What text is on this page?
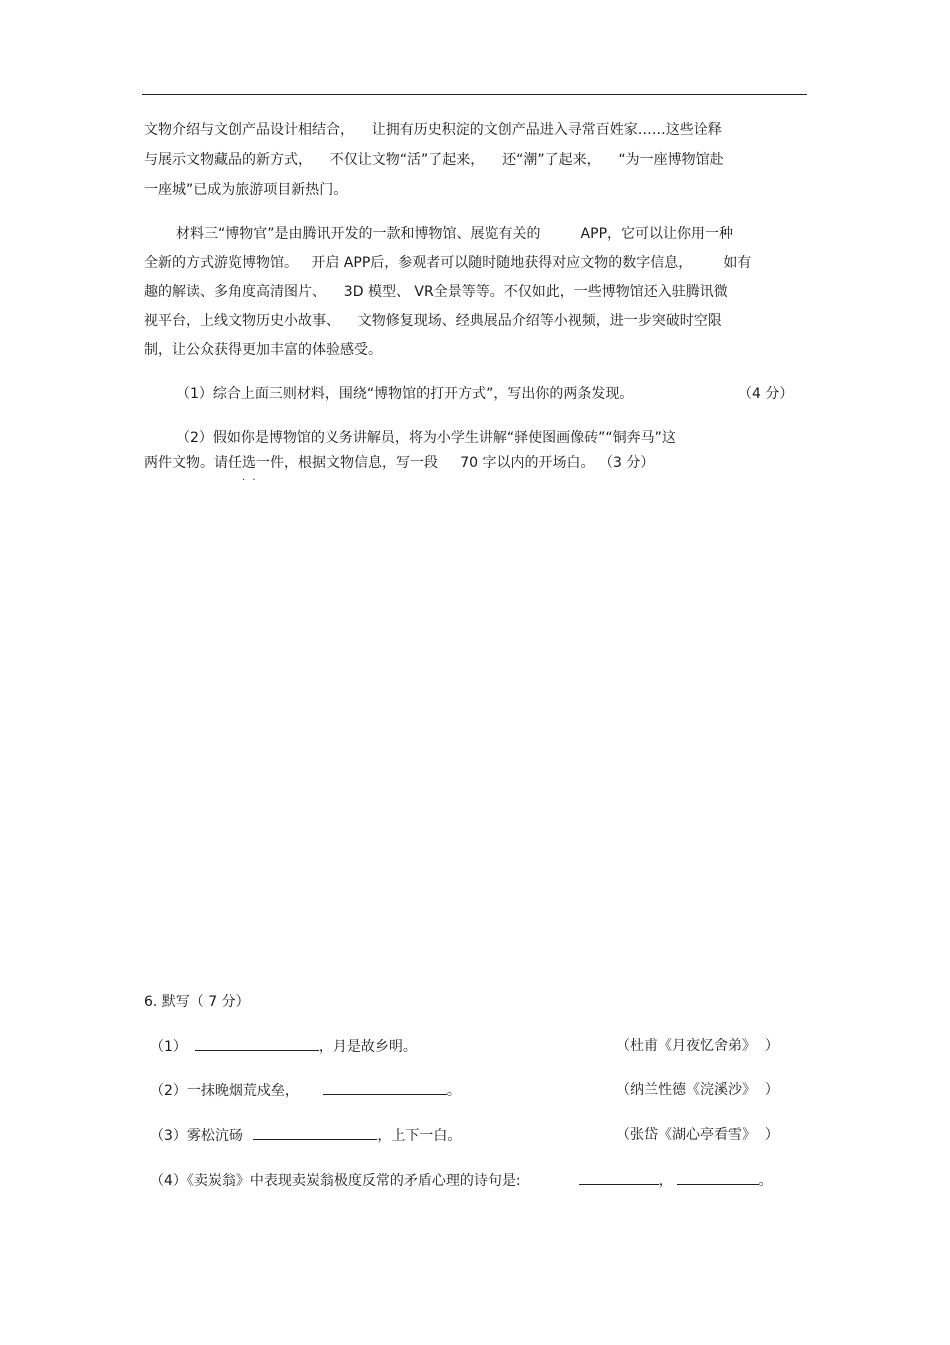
文物介绍与文创产品设计相结合，    让拥有历史积淀的文创产品进入寻常百姓家……这些诠释
与展示文物藏品的新方式，    不仅让文物“活”了起来，    还“潮”了起来，    “为一座博物馆赴
一座城”已成为旅游项目新热门。
材料三“博物官”是由腾讯开发的一款和博物馆、展览有关的         APP，它可以让你用一种
全新的方式游览博物馆。   开启 APP后，参观者可以随时随地获得对应文物的数字信息，       如有
趣的解读、多角度高清图片、    3D 模型、 VR全景等等。不仅如此，一些博物馆还入驻腾讯微
视平台，上线文物历史小故事、    文物修复现场、经典展品介绍等小视频，进一步突破时空限
制，让公众获得更加丰富的体验感受。
（1）综合上面三则材料，围绕“博物馆的打开方式”，写出你的两条发现。	（4 分）
（2）假如你是博物馆的义务讲解员，将为小学生讲解“驿使图画像砖”“铜奔马”这
两件文物。请任选 · ·一件，根据文物信息，写一段     70 字以内的开场白。 （3 分）
6. 默写（ 7 分）
（1）	，月是故乡明。	（杜甫《月夜忆舍弟》  ）
（2）一抹晚烟荒戍垒，	。	（纳兰性德《浣溪沙》  ）
（3）雾松沆砀	，上下一白。	（张岱《湖心亭看雪》  ）
（4）《卖炭翁》中表现卖炭翁极度反常的矛盾心理的诗句是:	，	。
